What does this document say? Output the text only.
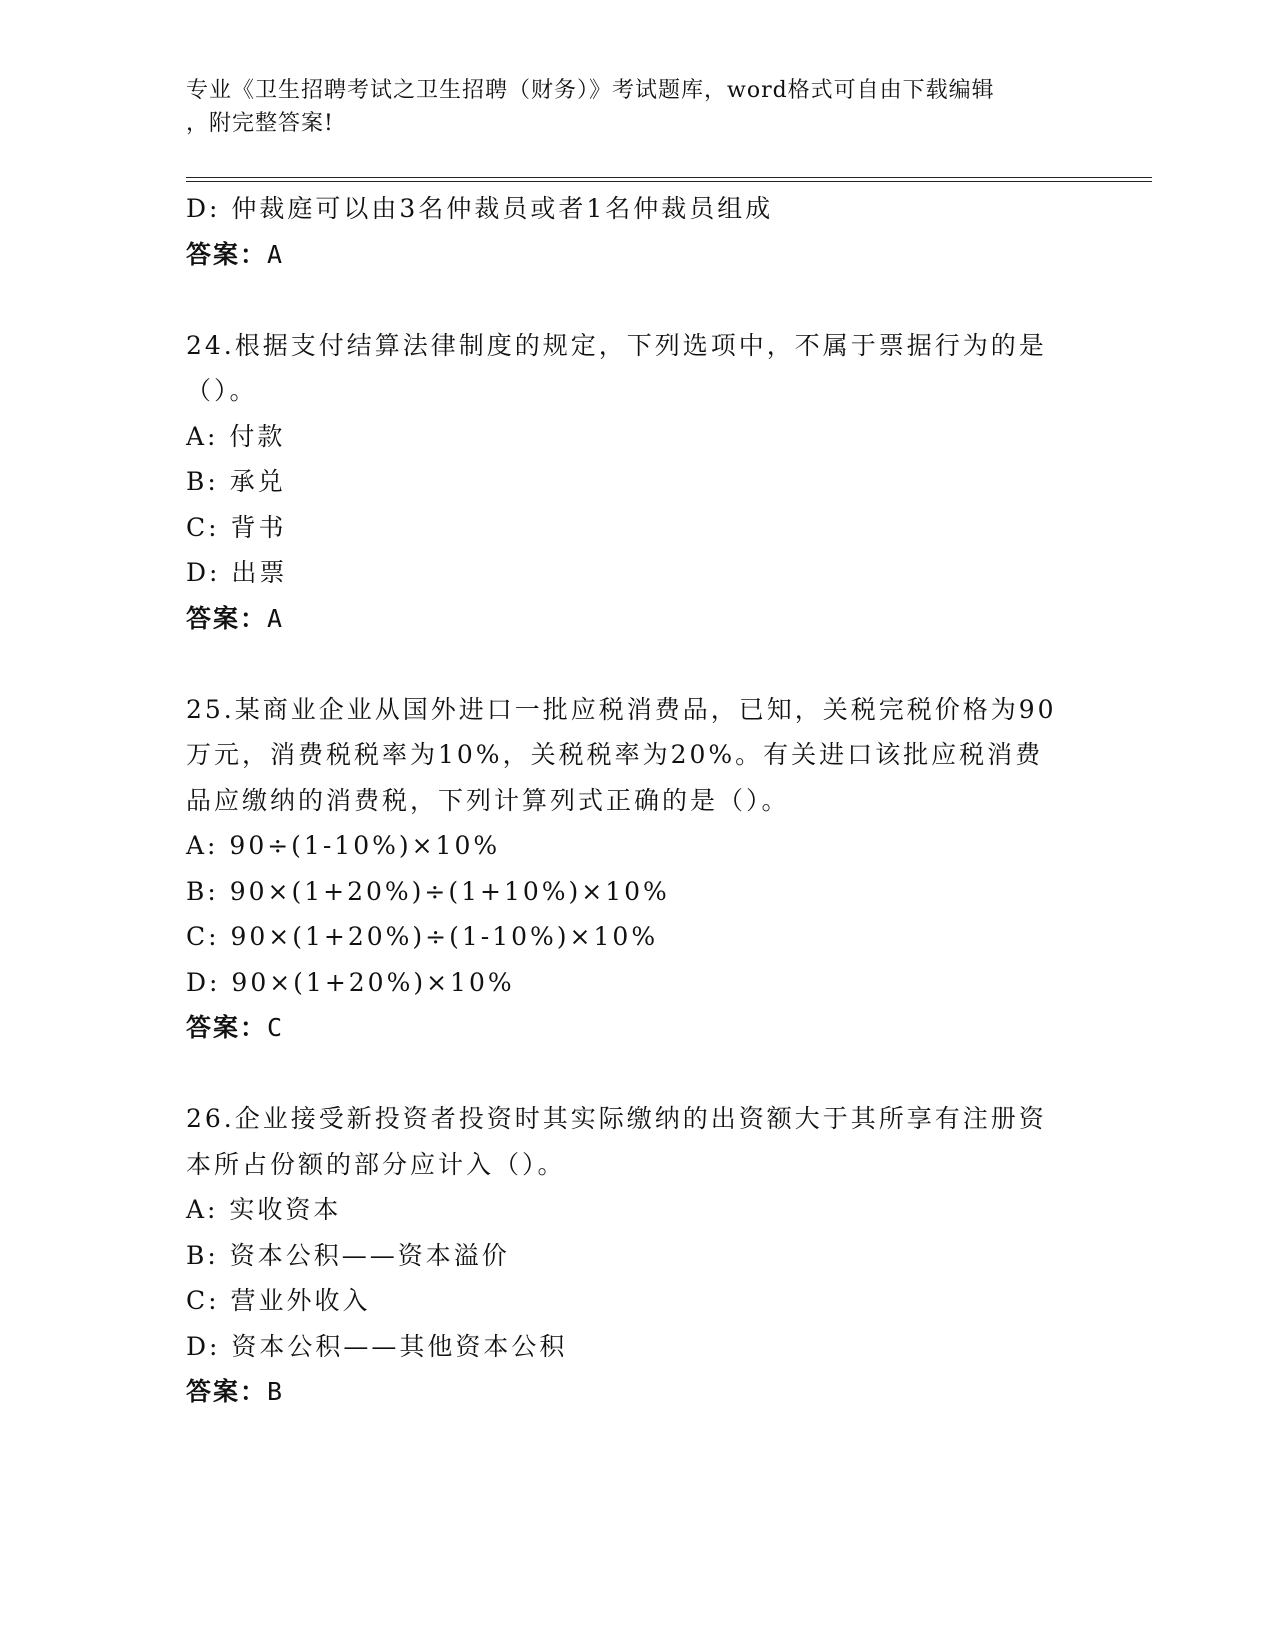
专业《卫生招聘考试之卫生招聘（财务）》考试题库，word格式可自由下载编辑
，附完整答案!
D: 仲裁庭可以由3名仲裁员或者1名仲裁员组成
答案：A
24.根据支付结算法律制度的规定，下列选项中，不属于票据行为的是
（）。
A: 付款
B: 承兑
C: 背书
D: 出票
答案：A
25.某商业企业从国外进口一批应税消费品，已知，关税完税价格为90
万元，消费税税率为10%，关税税率为20%。有关进口该批应税消费
品应缴纳的消费税，下列计算列式正确的是（）。
A: 90÷(1-10%)×10%
B: 90×(1+20%)÷(1+10%)×10%
C: 90×(1+20%)÷(1-10%)×10%
D: 90×(1+20%)×10%
答案：C
26.企业接受新投资者投资时其实际缴纳的出资额大于其所享有注册资
本所占份额的部分应计入（）。
A: 实收资本
B: 资本公积——资本溢价
C: 营业外收入
D: 资本公积——其他资本公积
答案：B
